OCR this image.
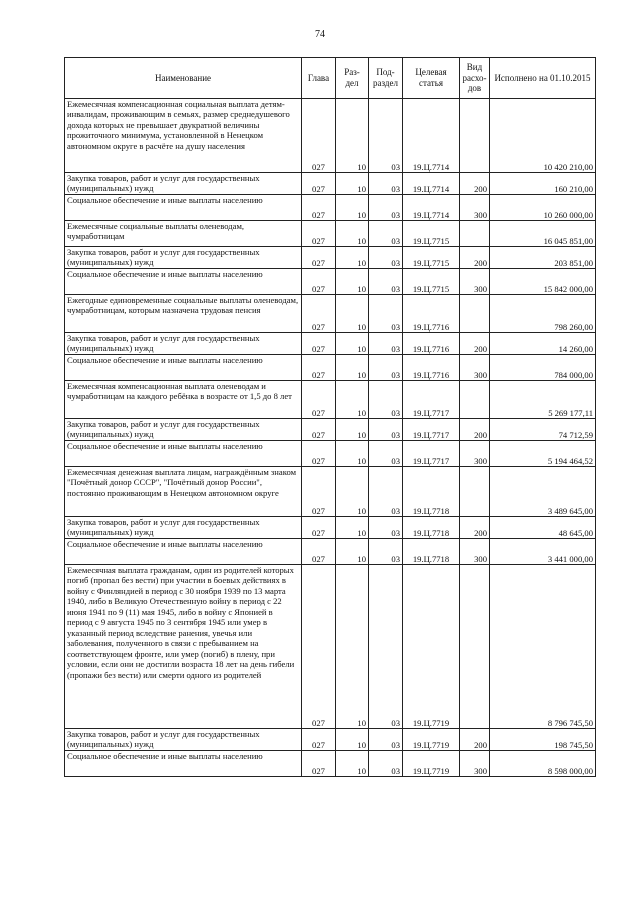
74
Наименование	Глава	Раз-дел	Под-раздел	Целевая статья	Вид расхо-дов	Исполнено на 01.10.2015
Ежемесячная компенсационная социальная выплата детям-инвалидам, проживающим в семьях, размер среднедушевого дохода которых не превышает двукратной величины прожиточного минимума, установленной в Ненецком автономном округе в расчёте на душу населения	027	10	03	19.Ц.7714		10 420 210,00
Закупка товаров, работ и услуг для государственных (муниципальных) нужд	027	10	03	19.Ц.7714	200	160 210,00
Социальное обеспечение и иные выплаты населению	027	10	03	19.Ц.7714	300	10 260 000,00
Ежемесячные социальные выплаты оленеводам, чумработницам	027	10	03	19.Ц.7715		16 045 851,00
Закупка товаров, работ и услуг для государственных (муниципальных) нужд	027	10	03	19.Ц.7715	200	203 851,00
Социальное обеспечение и иные выплаты населению	027	10	03	19.Ц.7715	300	15 842 000,00
Ежегодные единовременные социальные выплаты оленеводам, чумработницам, которым назначена трудовая пенсия	027	10	03	19.Ц.7716		798 260,00
Закупка товаров, работ и услуг для государственных (муниципальных) нужд	027	10	03	19.Ц.7716	200	14 260,00
Социальное обеспечение и иные выплаты населению	027	10	03	19.Ц.7716	300	784 000,00
Ежемесячная компенсационная выплата оленеводам и чумработницам на каждого ребёнка в возрасте от 1,5 до 8 лет	027	10	03	19.Ц.7717		5 269 177,11
Закупка товаров, работ и услуг для государственных (муниципальных) нужд	027	10	03	19.Ц.7717	200	74 712,59
Социальное обеспечение и иные выплаты населению	027	10	03	19.Ц.7717	300	5 194 464,52
Ежемесячная денежная выплата лицам, награждённым знаком "Почётный донор СССР", "Почётный донор России", постоянно проживающим в Ненецком автономном округе	027	10	03	19.Ц.7718		3 489 645,00
Закупка товаров, работ и услуг для государственных (муниципальных) нужд	027	10	03	19.Ц.7718	200	48 645,00
Социальное обеспечение и иные выплаты населению	027	10	03	19.Ц.7718	300	3 441 000,00
Ежемесячная выплата гражданам, один из родителей которых погиб (пропал без вести) при участии в боевых действиях в войну с Финляндией в период с 30 ноября 1939 по 13 марта 1940, либо в Великую Отечественную войну в период с 22 июня 1941 по 9 (11) мая 1945, либо в войну с Японией в период с 9 августа 1945 по 3 сентября 1945 или умер в указанный период вследствие ранения, увечья или заболевания, полученного в связи с пребыванием на соответствующем фронте, или умер (погиб) в плену, при условии, если они не достигли возраста 18 лет на день гибели (пропажи без вести) или смерти одного из родителей	027	10	03	19.Ц.7719		8 796 745,50
Закупка товаров, работ и услуг для государственных (муниципальных) нужд	027	10	03	19.Ц.7719	200	198 745,50
Социальное обеспечение и иные выплаты населению	027	10	03	19.Ц.7719	300	8 598 000,00
